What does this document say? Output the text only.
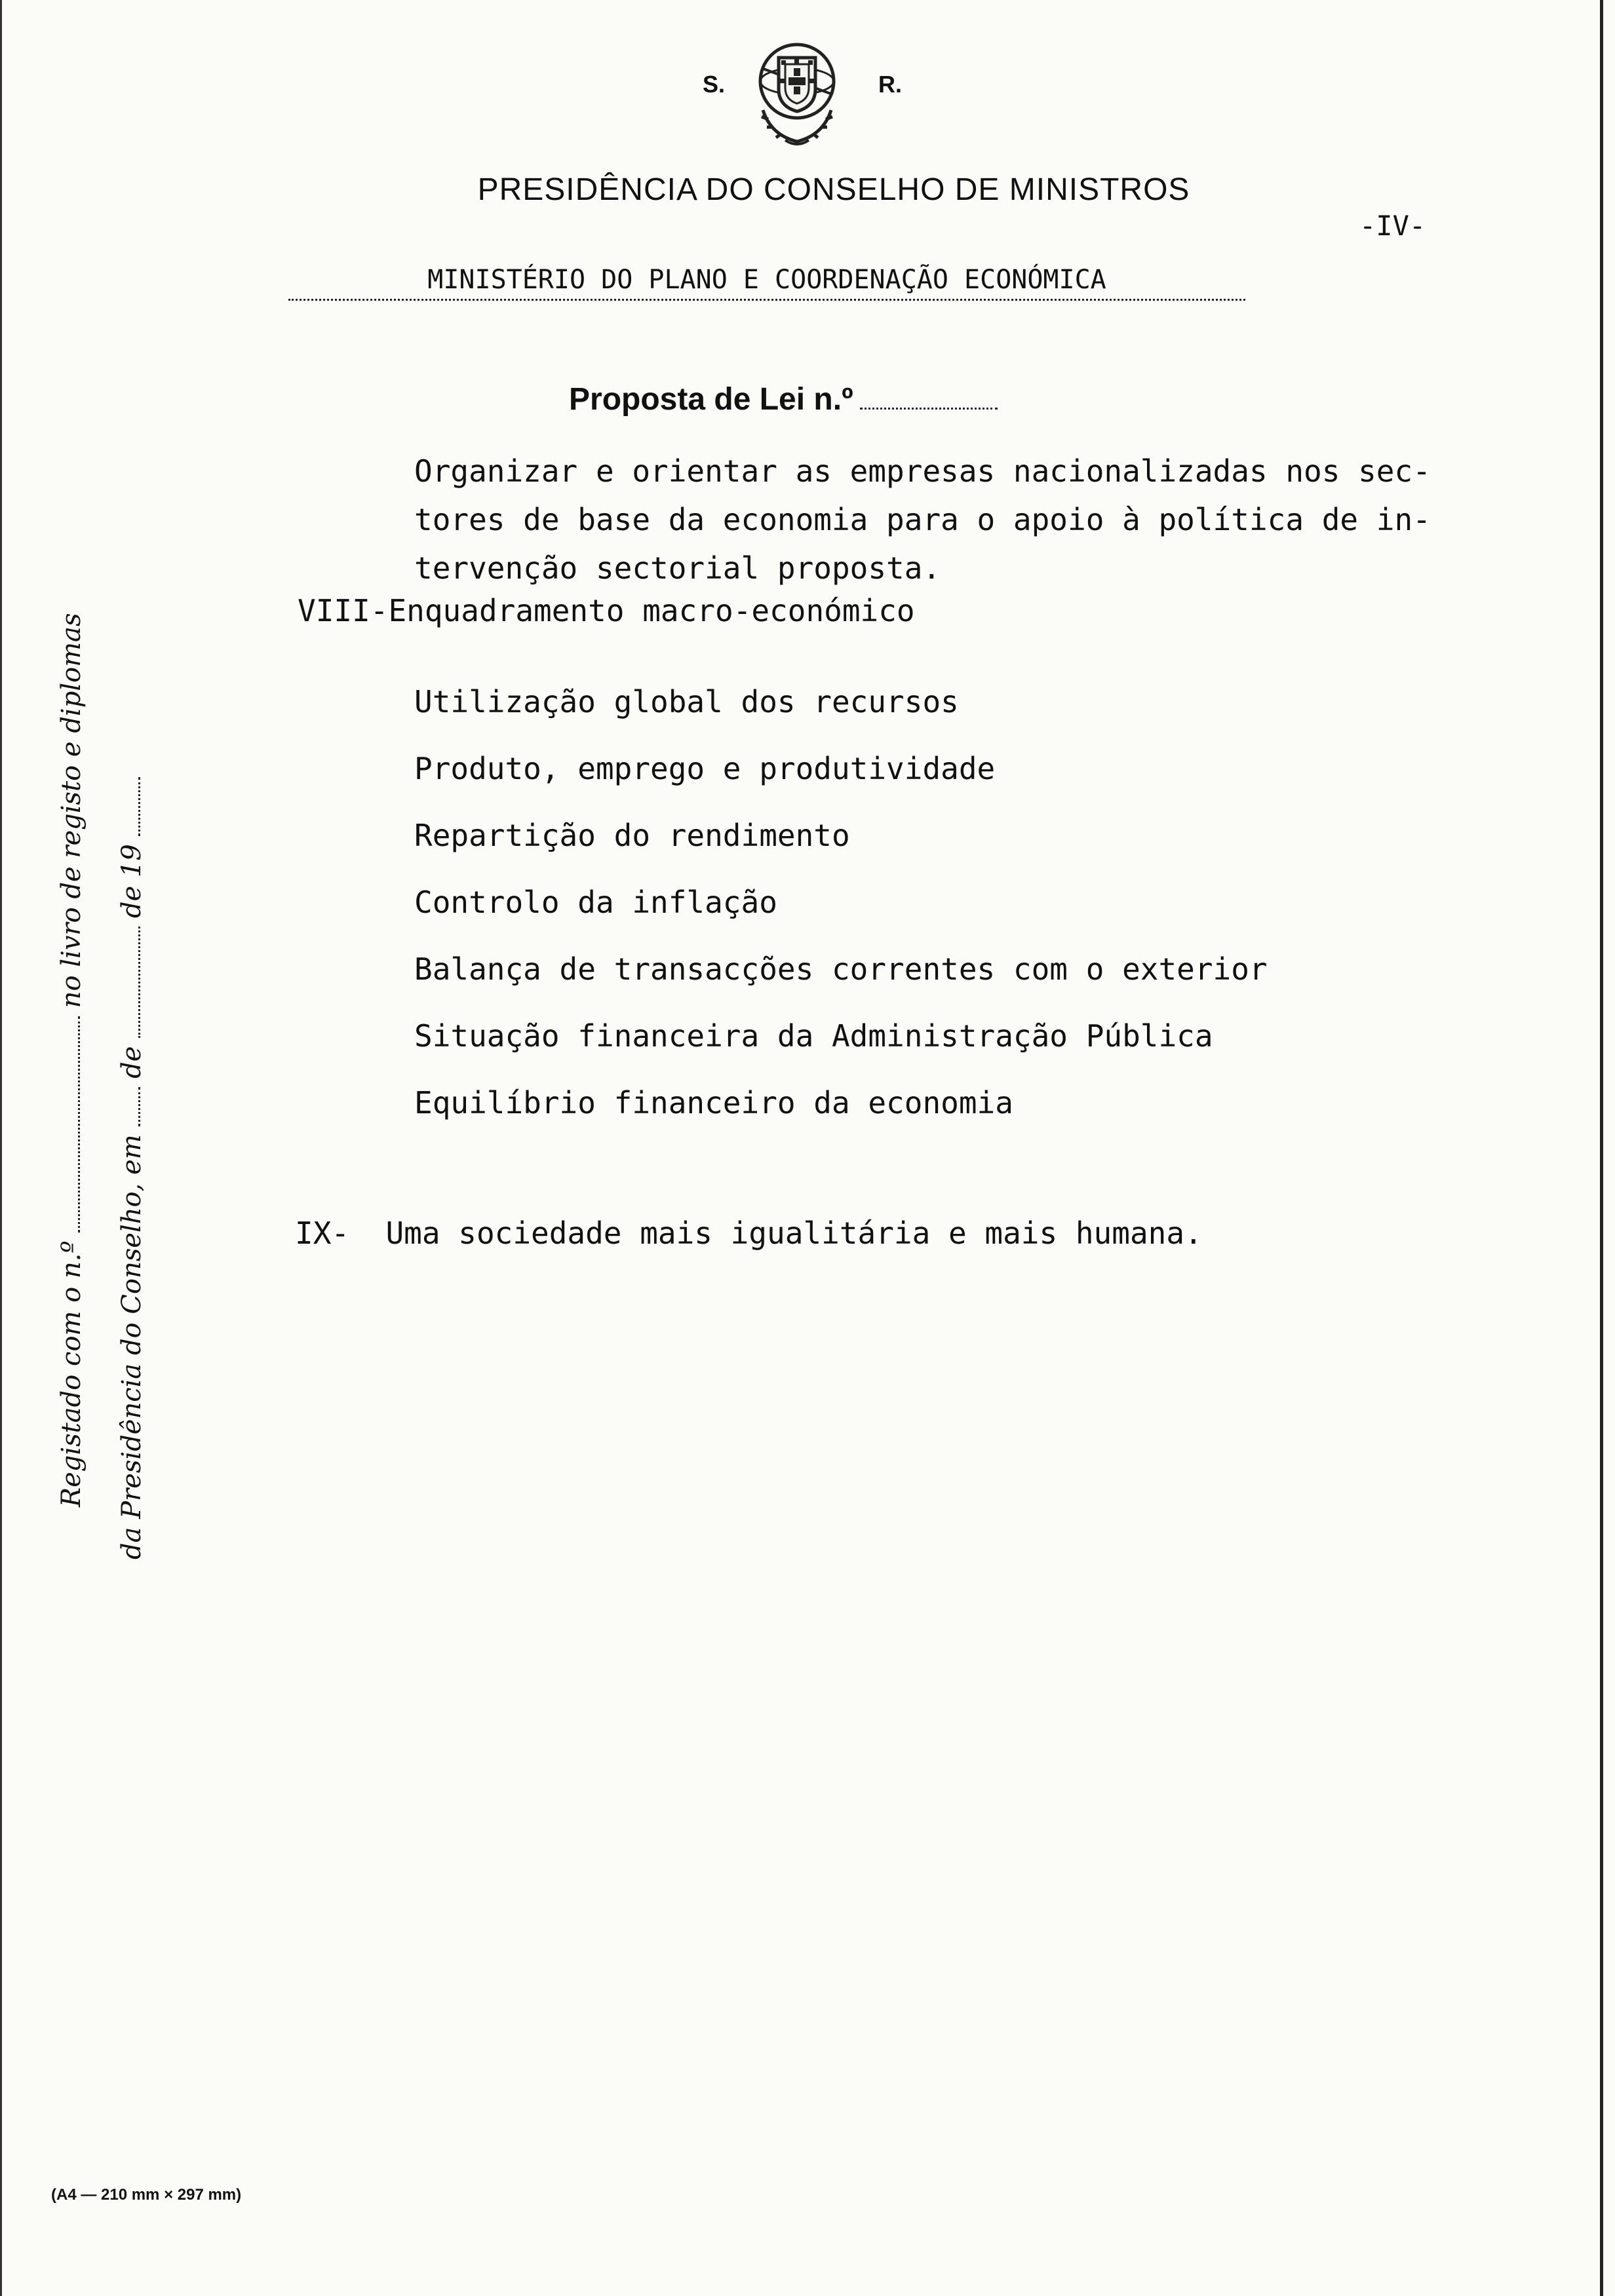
S.	R.
PRESIDÊNCIA DO CONSELHO DE MINISTROS
-IV-
MINISTÉRIO DO PLANO E COORDENAÇÃO ECONÓMICA
Proposta de Lei n.º
Organizar e orientar as empresas nacionalizadas nos sec-
tores de base da economia para o apoio à política de in-
tervenção sectorial proposta.
VIII-Enquadramento macro-económico
Utilização global dos recursos
Produto, emprego e produtividade
Repartição do rendimento
Controlo da inflação
Balança de transacções correntes com o exterior
Situação financeira da Administração Pública
Equilíbrio financeiro da economia
IX-  Uma sociedade mais igualitária e mais humana.
Registado com o n.º  no livro de registo e diplomas
da Presidência do Conselho, em  de  de 19
(A4 — 210 mm × 297 mm)
